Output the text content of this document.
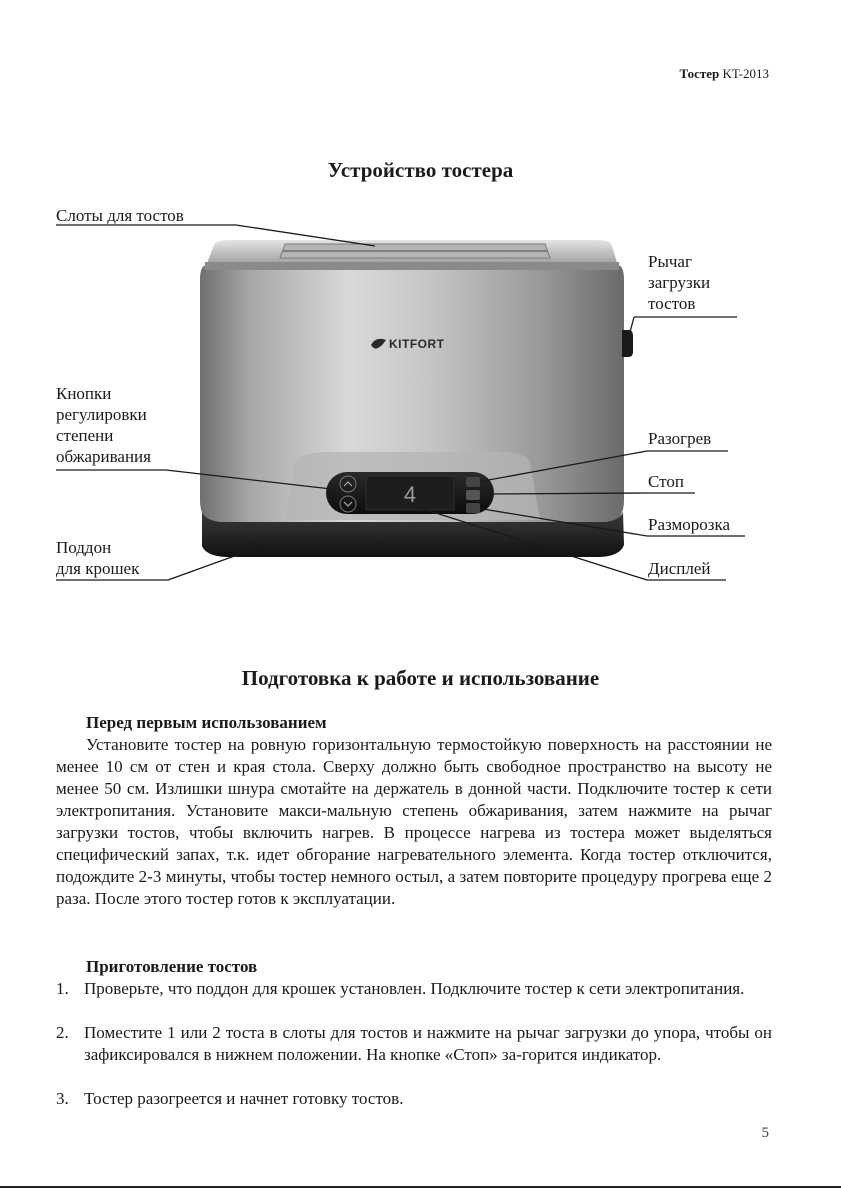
Тостер KT-2013
Устройство тостера
4
KITFORT
Слоты для тостов
Рычаг
загрузки
тостов
Кнопки
регулировки
степени
обжаривания
Поддон
для крошек
Разогрев
Стоп
Разморозка
Дисплей
Подготовка к работе и использование
Перед первым использованием
Установите тостер на ровную горизонтальную термостойкую поверхность на расстоянии не менее 10 см от стен и края стола. Сверху должно быть свободное пространство на высоту не менее 50 см. Излишки шнура смотайте на держатель в донной части. Подключите тостер к сети электропитания. Установите макси-мальную степень обжаривания, затем нажмите на рычаг загрузки тостов, чтобы включить нагрев. В процессе нагрева из тостера может выделяться специфический запах, т.к. идет обгорание нагревательного элемента. Когда тостер отключится, подождите 2-3 минуты, чтобы тостер немного остыл, а затем повторите процедуру прогрева еще 2 раза. После этого тостер готов к эксплуатации.
Приготовление тостов
1. Проверьте, что поддон для крошек установлен. Подключите тостер к сети электропитания.
2. Поместите 1 или 2 тоста в слоты для тостов и нажмите на рычаг загрузки до упора, чтобы он зафиксировался в нижнем положении. На кнопке «Стоп» за-горится индикатор.
3. Тостер разогреется и начнет готовку тостов.
5
